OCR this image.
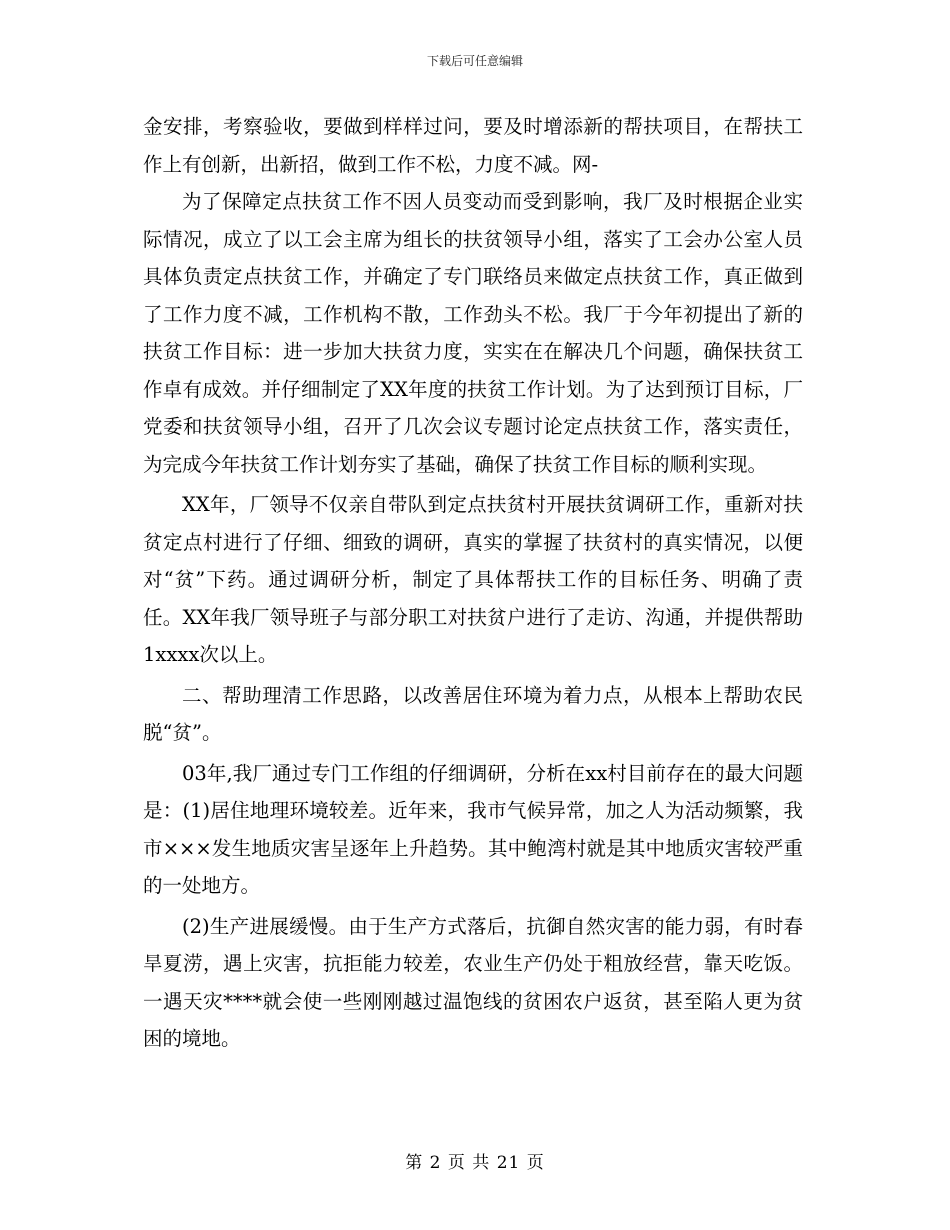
下载后可任意编辑

金安排，考察验收，要做到样样过问，要及时增添新的帮扶项目，在帮扶工作上有创新，出新招，做到工作不松，力度不减。网-

为了保障定点扶贫工作不因人员变动而受到影响，我厂及时根据企业实际情况，成立了以工会主席为组长的扶贫领导小组，落实了工会办公室人员具体负责定点扶贫工作，并确定了专门联络员来做定点扶贫工作，真正做到了工作力度不减，工作机构不散，工作劲头不松。我厂于今年初提出了新的扶贫工作目标：进一步加大扶贫力度，实实在在解决几个问题，确保扶贫工作卓有成效。并仔细制定了XX年度的扶贫工作计划。为了达到预订目标，厂党委和扶贫领导小组，召开了几次会议专题讨论定点扶贫工作，落实责任，为完成今年扶贫工作计划夯实了基础，确保了扶贫工作目标的顺利实现。

XX年，厂领导不仅亲自带队到定点扶贫村开展扶贫调研工作，重新对扶贫定点村进行了仔细、细致的调研，真实的掌握了扶贫村的真实情况，以便对“贫”下药。通过调研分析，制定了具体帮扶工作的目标任务、明确了责任。XX年我厂领导班子与部分职工对扶贫户进行了走访、沟通，并提供帮助1xxxx次以上。

二、帮助理清工作思路，以改善居住环境为着力点，从根本上帮助农民脱“贫”。

03年,我厂通过专门工作组的仔细调研，分析在xx村目前存在的最大问题是：(1)居住地理环境较差。近年来，我市气候异常，加之人为活动频繁，我市×××发生地质灾害呈逐年上升趋势。其中鲍湾村就是其中地质灾害较严重的一处地方。

(2)生产进展缓慢。由于生产方式落后，抗御自然灾害的能力弱，有时春旱夏涝，遇上灾害，抗拒能力较差，农业生产仍处于粗放经营，靠天吃饭。一遇天灾****就会使一些刚刚越过温饱线的贫困农户返贫，甚至陷人更为贫困的境地。

第 2 页 共 21 页
